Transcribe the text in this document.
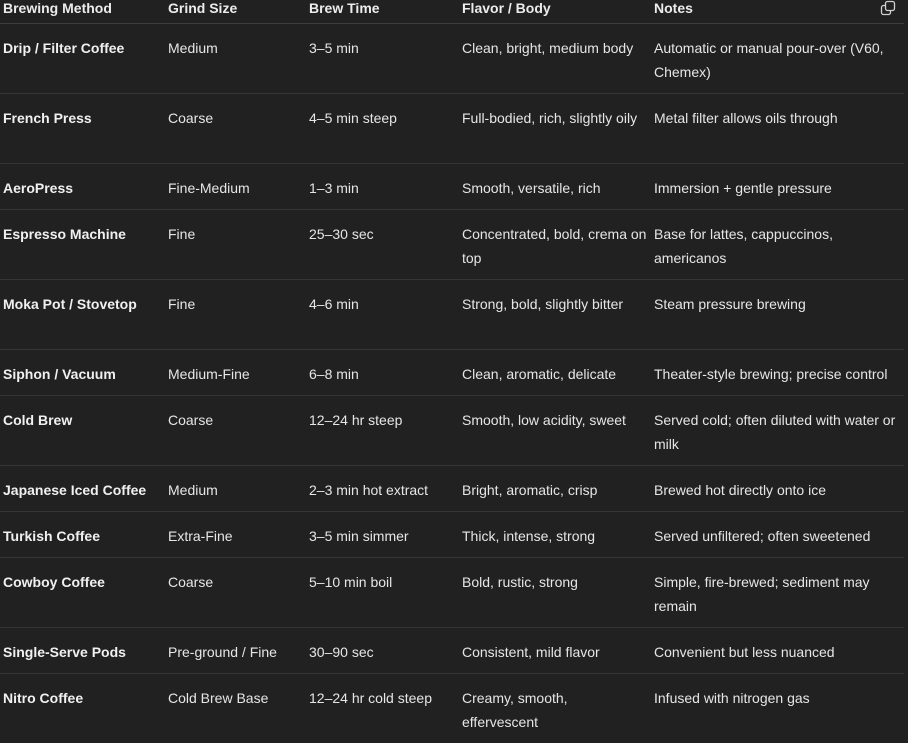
Brewing Method	Grind Size	Brew Time	Flavor / Body	Notes

Drip / Filter Coffee	Medium	3–5 min	Clean, bright, medium body	Automatic or manual pour-over (V60, Chemex)
French Press	Coarse	4–5 min steep	Full-bodied, rich, slightly oily	Metal filter allows oils through
AeroPress	Fine-Medium	1–3 min	Smooth, versatile, rich	Immersion + gentle pressure
Espresso Machine	Fine	25–30 sec	Concentrated, bold, crema on top	Base for lattes, cappuccinos, americanos
Moka Pot / Stovetop	Fine	4–6 min	Strong, bold, slightly bitter	Steam pressure brewing
Siphon / Vacuum	Medium-Fine	6–8 min	Clean, aromatic, delicate	Theater-style brewing; precise control
Cold Brew	Coarse	12–24 hr steep	Smooth, low acidity, sweet	Served cold; often diluted with water or milk
Japanese Iced Coffee	Medium	2–3 min hot extract	Bright, aromatic, crisp	Brewed hot directly onto ice
Turkish Coffee	Extra-Fine	3–5 min simmer	Thick, intense, strong	Served unfiltered; often sweetened
Cowboy Coffee	Coarse	5–10 min boil	Bold, rustic, strong	Simple, fire-brewed; sediment may remain
Single-Serve Pods	Pre-ground / Fine	30–90 sec	Consistent, mild flavor	Convenient but less nuanced
Nitro Coffee	Cold Brew Base	12–24 hr cold steep	Creamy, smooth, effervescent	Infused with nitrogen gas
